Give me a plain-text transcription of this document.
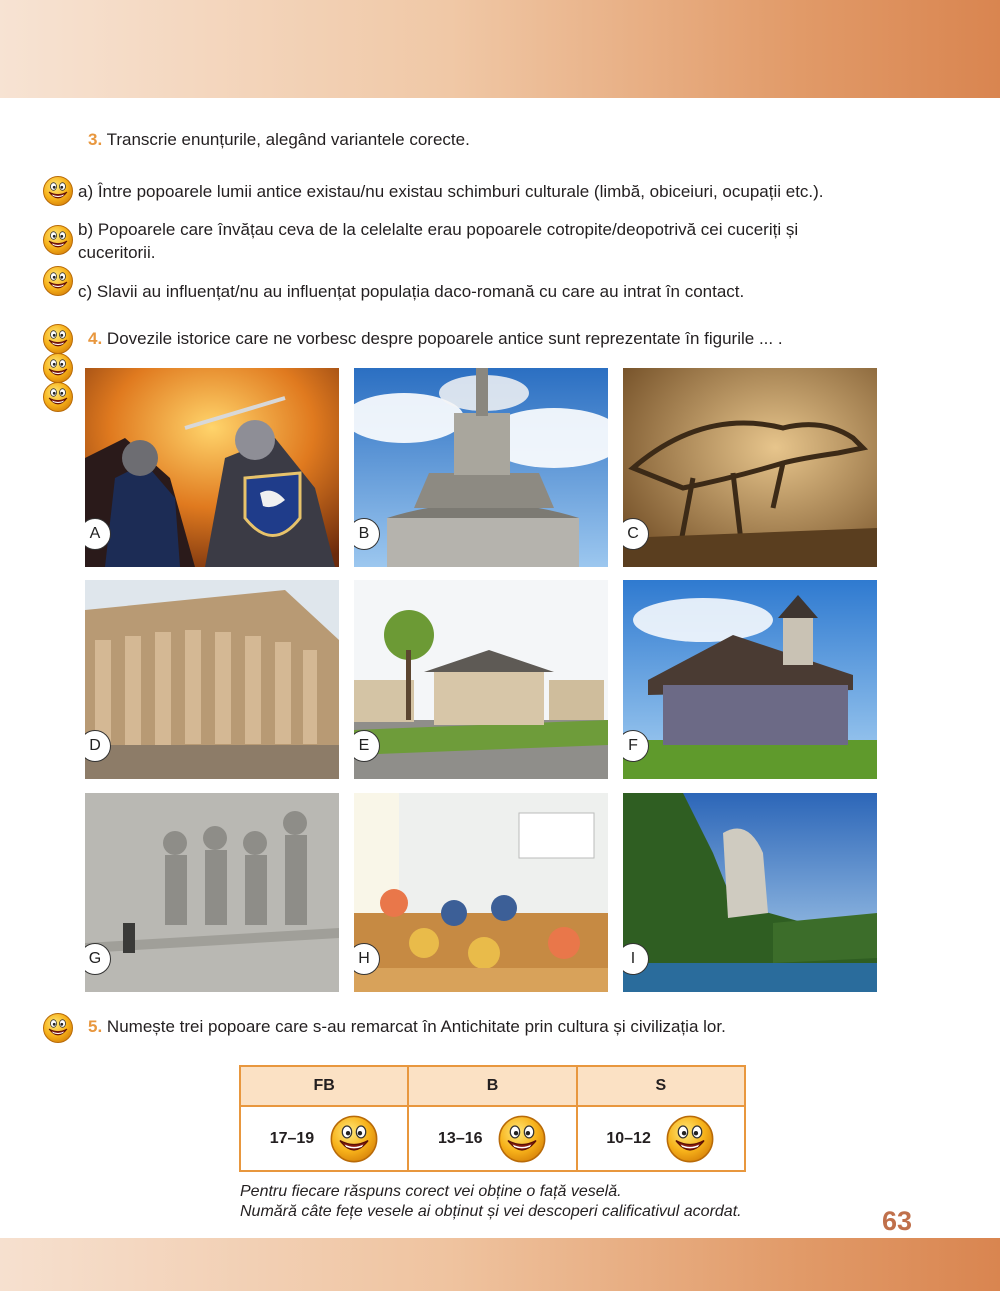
3. Transcrie enunțurile, alegând variantele corecte.
a) Între popoarele lumii antice existau/nu existau schimburi culturale (limbă, obiceiuri, ocupații etc.).
b) Popoarele care învățau ceva de la celelalte erau popoarele cotropite/deopotrivă cei cuceriți și
cuceritorii.
c) Slavii au influențat/nu au influențat populația daco-romană cu care au intrat în contact.
4. Dovezile istorice care ne vorbesc despre popoarele antice sunt reprezentate în figurile ... .
A	B	C
D	E	F
G	H	I
5. Numește trei popoare care s-au remarcat în Antichitate prin cultura și civilizația lor.
FB	B	S
17–19	13–16	10–12
Pentru fiecare răspuns corect vei obține o față veselă.
Numără câte fețe vesele ai obținut și vei descoperi calificativul acordat.	63
